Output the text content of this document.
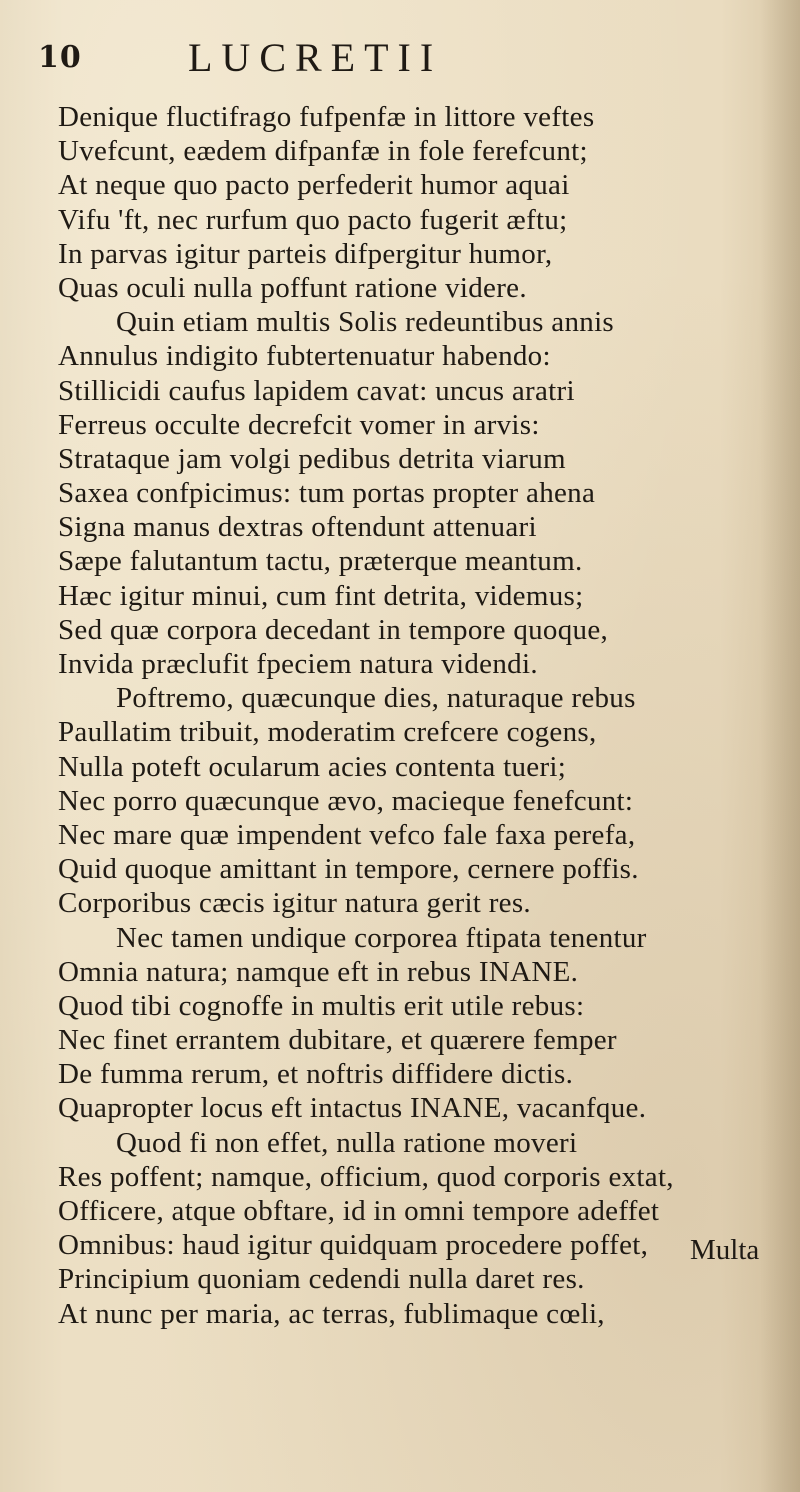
10	LUCRETII
Denique fluctifrago fufpenfæ in littore veftes
Uvefcunt, eædem difpanfæ in fole ferefcunt;
At neque quo pacto perfederit humor aquai
Vifu 'ft, nec rurfum quo pacto fugerit æftu;
In parvas igitur parteis difpergitur humor,
Quas oculi nulla poffunt ratione videre.
Quin etiam multis Solis redeuntibus annis
Annulus indigito fubtertenuatur habendo:
Stillicidi caufus lapidem cavat: uncus aratri
Ferreus occulte decrefcit vomer in arvis:
Strataque jam volgi pedibus detrita viarum
Saxea confpicimus: tum portas propter ahena
Signa manus dextras oftendunt attenuari
Sæpe falutantum tactu, præterque meantum.
Hæc igitur minui, cum fint detrita, videmus;
Sed quæ corpora decedant in tempore quoque,
Invida præclufit fpeciem natura videndi.
Poftremo, quæcunque dies, naturaque rebus
Paullatim tribuit, moderatim crefcere cogens,
Nulla poteft ocularum acies contenta tueri;
Nec porro quæcunque ævo, macieque fenefcunt:
Nec mare quæ impendent vefco fale faxa perefa,
Quid quoque amittant in tempore, cernere poffis.
Corporibus cæcis igitur natura gerit res.
Nec tamen undique corporea ftipata tenentur
Omnia natura; namque eft in rebus INANE.
Quod tibi cognoffe in multis erit utile rebus:
Nec finet errantem dubitare, et quærere femper
De fumma rerum, et noftris diffidere dictis.
Quapropter locus eft intactus INANE, vacanfque.
Quod fi non effet, nulla ratione moveri
Res poffent; namque, officium, quod corporis extat,
Officere, atque obftare, id in omni tempore adeffet
Omnibus: haud igitur quidquam procedere poffet,
Principium quoniam cedendi nulla daret res.
At nunc per maria, ac terras, fublimaque cœli,
Multa
